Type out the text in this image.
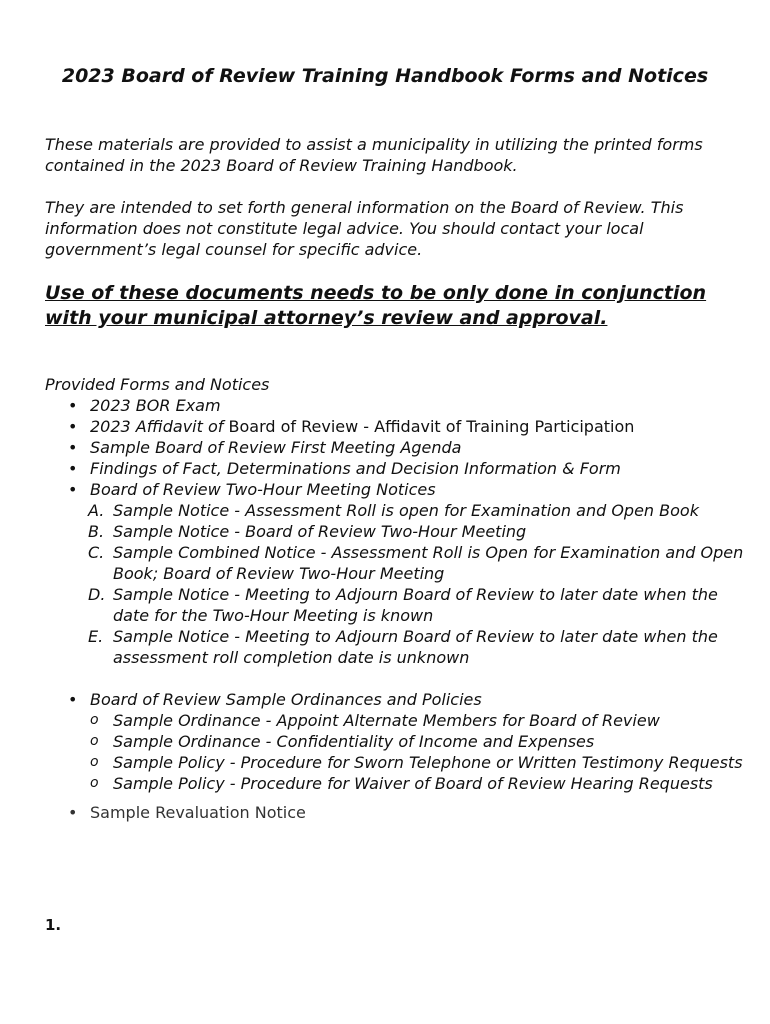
2023 Board of Review Training Handbook Forms and Notices
These materials are provided to assist a municipality in utilizing the printed forms contained in the 2023 Board of Review Training Handbook.
They are intended to set forth general information on the Board of Review. This information does not constitute legal advice. You should contact your local government’s legal counsel for specific advice.
Use of these documents needs to be only done in conjunction with your municipal attorney’s review and approval.
Provided Forms and Notices
• 2023 BOR Exam
• 2023 Affidavit of Board of Review - Affidavit of Training Participation
• Sample Board of Review First Meeting Agenda
• Findings of Fact, Determinations and Decision Information & Form
• Board of Review Two-Hour Meeting Notices
A. Sample Notice - Assessment Roll is open for Examination and Open Book
B. Sample Notice - Board of Review Two-Hour Meeting
C. Sample Combined Notice - Assessment Roll is Open for Examination and Open Book; Board of Review Two-Hour Meeting
D. Sample Notice - Meeting to Adjourn Board of Review to later date when the date for the Two-Hour Meeting is known
E. Sample Notice - Meeting to Adjourn Board of Review to later date when the assessment roll completion date is unknown
• Board of Review Sample Ordinances and Policies
o Sample Ordinance - Appoint Alternate Members for Board of Review
o Sample Ordinance - Confidentiality of Income and Expenses
o Sample Policy - Procedure for Sworn Telephone or Written Testimony Requests
o Sample Policy - Procedure for Waiver of Board of Review Hearing Requests
• Sample Revaluation Notice
1.
